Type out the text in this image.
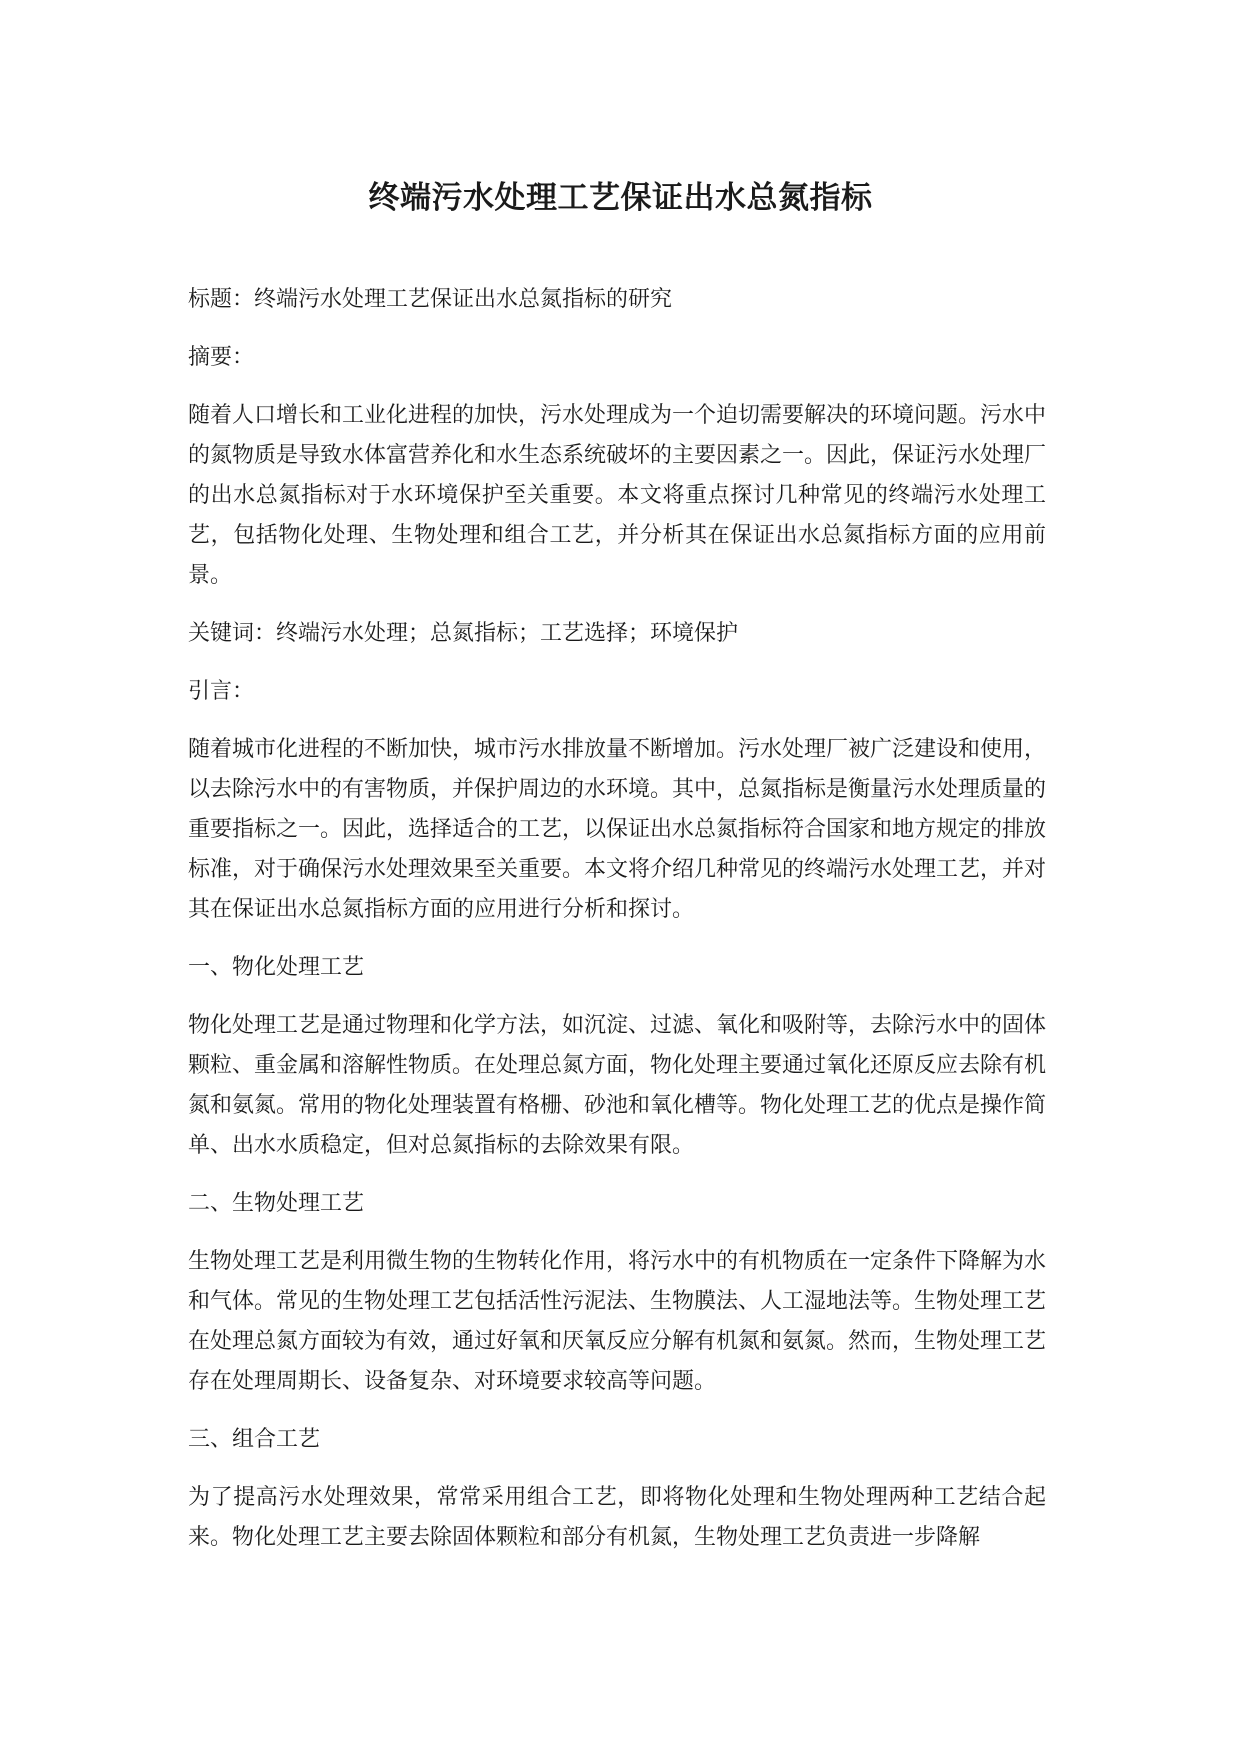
终端污水处理工艺保证出水总氮指标

标题：终端污水处理工艺保证出水总氮指标的研究

摘要：

随着人口增长和工业化进程的加快，污水处理成为一个迫切需要解决的环境问题。污水中的氮物质是导致水体富营养化和水生态系统破坏的主要因素之一。因此，保证污水处理厂的出水总氮指标对于水环境保护至关重要。本文将重点探讨几种常见的终端污水处理工艺，包括物化处理、生物处理和组合工艺，并分析其在保证出水总氮指标方面的应用前景。

关键词：终端污水处理；总氮指标；工艺选择；环境保护

引言：

随着城市化进程的不断加快，城市污水排放量不断增加。污水处理厂被广泛建设和使用，以去除污水中的有害物质，并保护周边的水环境。其中，总氮指标是衡量污水处理质量的重要指标之一。因此，选择适合的工艺，以保证出水总氮指标符合国家和地方规定的排放标准，对于确保污水处理效果至关重要。本文将介绍几种常见的终端污水处理工艺，并对其在保证出水总氮指标方面的应用进行分析和探讨。

一、物化处理工艺

物化处理工艺是通过物理和化学方法，如沉淀、过滤、氧化和吸附等，去除污水中的固体颗粒、重金属和溶解性物质。在处理总氮方面，物化处理主要通过氧化还原反应去除有机氮和氨氮。常用的物化处理装置有格栅、砂池和氧化槽等。物化处理工艺的优点是操作简单、出水水质稳定，但对总氮指标的去除效果有限。

二、生物处理工艺

生物处理工艺是利用微生物的生物转化作用，将污水中的有机物质在一定条件下降解为水和气体。常见的生物处理工艺包括活性污泥法、生物膜法、人工湿地法等。生物处理工艺在处理总氮方面较为有效，通过好氧和厌氧反应分解有机氮和氨氮。然而，生物处理工艺存在处理周期长、设备复杂、对环境要求较高等问题。

三、组合工艺

为了提高污水处理效果，常常采用组合工艺，即将物化处理和生物处理两种工艺结合起来。物化处理工艺主要去除固体颗粒和部分有机氮，生物处理工艺负责进一步降解
